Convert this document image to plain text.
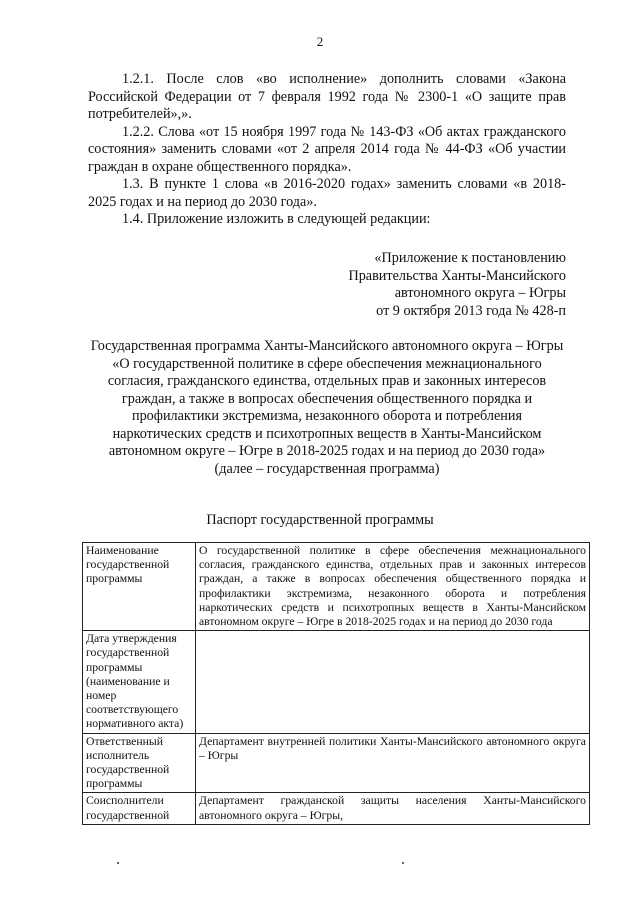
2

1.2.1. После слов «во исполнение» дополнить словами «Закона Российской Федерации от 7 февраля 1992 года № 2300-1 «О защите прав потребителей»,».

1.2.2. Слова «от 15 ноября 1997 года № 143-ФЗ «Об актах гражданского состояния» заменить словами «от 2 апреля 2014 года № 44-ФЗ «Об участии граждан в охране общественного порядка».

1.3. В пункте 1 слова «в 2016-2020 годах» заменить словами «в 2018-2025 годах и на период до 2030 года».

1.4. Приложение изложить в следующей редакции:

«Приложение к постановлению
Правительства Ханты-Мансийского
автономного округа – Югры
от 9 октября 2013 года № 428-п
Государственная программа Ханты-Мансийского автономного округа – Югры «О государственной политике в сфере обеспечения межнационального согласия, гражданского единства, отдельных прав и законных интересов граждан, а также в вопросах обеспечения общественного порядка и профилактики экстремизма, незаконного оборота и потребления наркотических средств и психотропных веществ в Ханты-Мансийском автономном округе – Югре в 2018-2025 годах и на период до 2030 года»
(далее – государственная программа)
Паспорт государственной программы
Наименование государственной программы	О государственной политике в сфере обеспечения межнационального согласия, гражданского единства, отдельных прав и законных интересов граждан, а также в вопросах обеспечения общественного порядка и профилактики экстремизма, незаконного оборота и потребления наркотических средств и психотропных веществ в Ханты-Мансийском автономном округе – Югре в 2018-2025 годах и на период до 2030 года
Дата утверждения государственной программы (наименование и номер соответствующего нормативного акта)	
Ответственный исполнитель государственной программы	Департамент внутренней политики Ханты-Мансийского автономного округа – Югры
Соисполнители государственной	Департамент гражданской защиты населения Ханты-Мансийского автономного округа – Югры,
